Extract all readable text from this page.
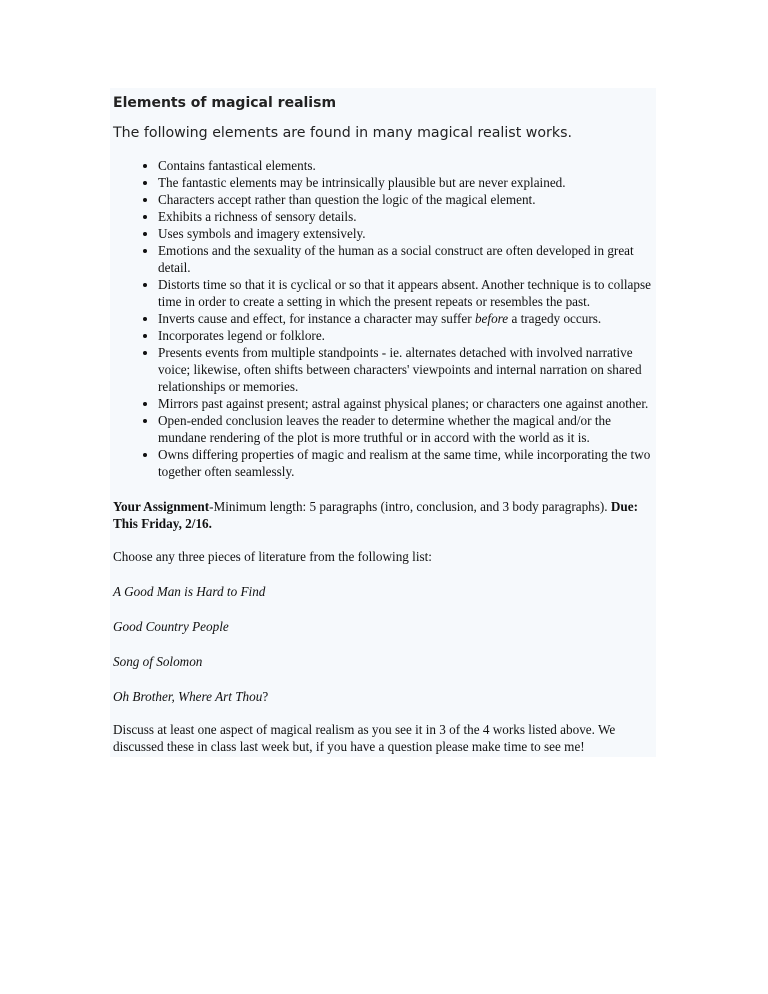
Elements of magical realism

The following elements are found in many magical realist works.

• Contains fantastical elements.
• The fantastic elements may be intrinsically plausible but are never explained.
• Characters accept rather than question the logic of the magical element.
• Exhibits a richness of sensory details.
• Uses symbols and imagery extensively.
• Emotions and the sexuality of the human as a social construct are often developed in great detail.
• Distorts time so that it is cyclical or so that it appears absent. Another technique is to collapse time in order to create a setting in which the present repeats or resembles the past.
• Inverts cause and effect, for instance a character may suffer before a tragedy occurs.
• Incorporates legend or folklore.
• Presents events from multiple standpoints - ie. alternates detached with involved narrative voice; likewise, often shifts between characters' viewpoints and internal narration on shared relationships or memories.
• Mirrors past against present; astral against physical planes; or characters one against another.
• Open-ended conclusion leaves the reader to determine whether the magical and/or the mundane rendering of the plot is more truthful or in accord with the world as it is.
• Owns differing properties of magic and realism at the same time, while incorporating the two together often seamlessly.

Your Assignment-Minimum length: 5 paragraphs (intro, conclusion, and 3 body paragraphs). Due: This Friday, 2/16.

Choose any three pieces of literature from the following list:

A Good Man is Hard to Find

Good Country People

Song of Solomon

Oh Brother, Where Art Thou?

Discuss at least one aspect of magical realism as you see it in 3 of the 4 works listed above. We discussed these in class last week but, if you have a question please make time to see me!
